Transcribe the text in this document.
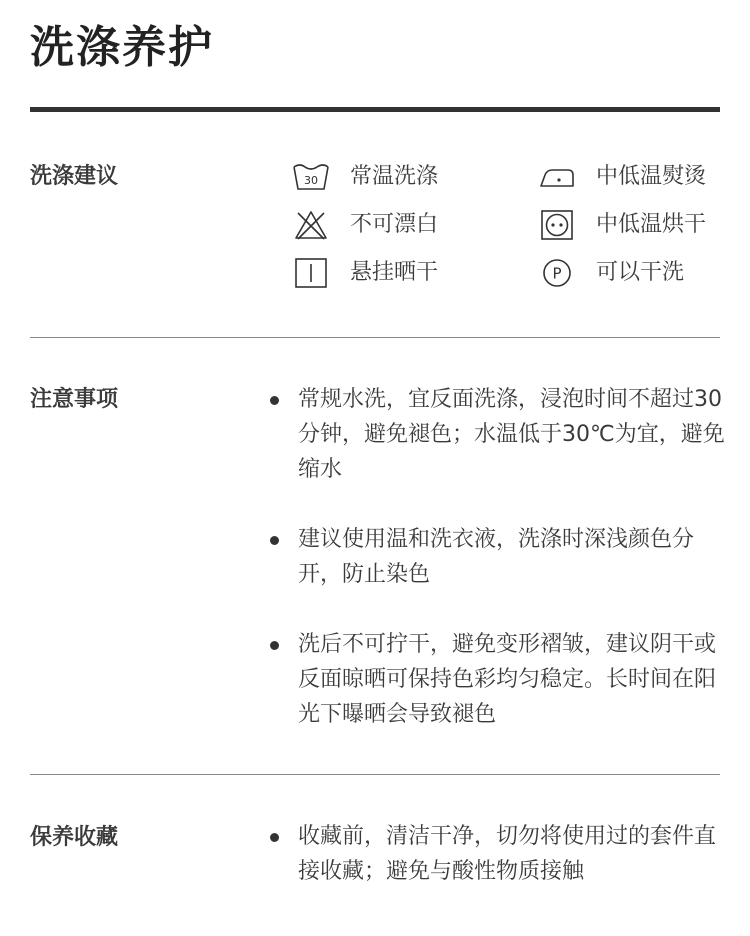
洗涤养护
洗涤建议	30 常温洗涤	中低温熨烫
不可漂白	中低温烘干
悬挂晒干	P 可以干洗
注意事项	常规水洗，宜反面洗涤，浸泡时间不超过30分钟，避免褪色；水温低于30℃为宜，避免缩水
建议使用温和洗衣液，洗涤时深浅颜色分开，防止染色
洗后不可拧干，避免变形褶皱，建议阴干或反面晾晒可保持色彩均匀稳定。长时间在阳光下曝晒会导致褪色
保养收藏	收藏前，清洁干净，切勿将使用过的套件直接收藏；避免与酸性物质接触
